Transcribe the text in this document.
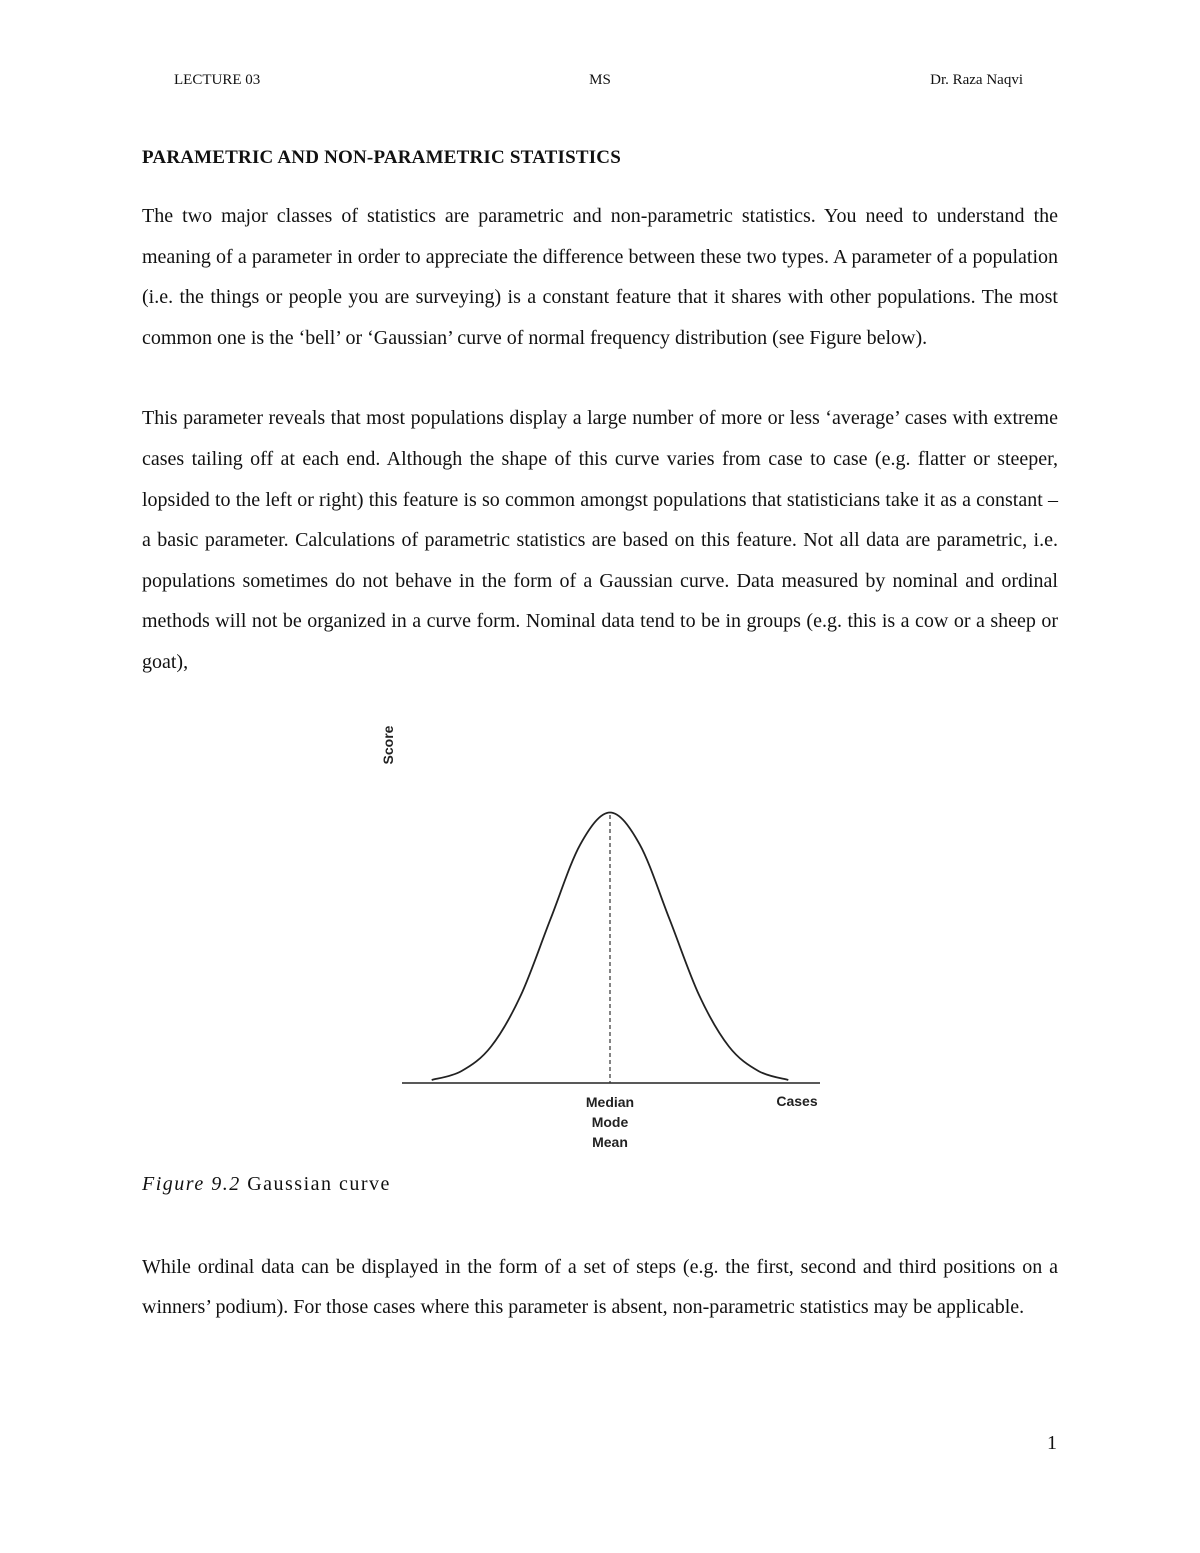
LECTURE 03	MS	Dr. Raza Naqvi
PARAMETRIC AND NON-PARAMETRIC STATISTICS

The two major classes of statistics are parametric and non-parametric statistics. You need to understand the meaning of a parameter in order to appreciate the difference between these two types. A parameter of a population (i.e. the things or people you are surveying) is a constant feature that it shares with other populations. The most common one is the ‘bell’ or ‘Gaussian’ curve of normal frequency distribution (see Figure below).

This parameter reveals that most populations display a large number of more or less ‘average’ cases with extreme cases tailing off at each end. Although the shape of this curve varies from case to case (e.g. flatter or steeper, lopsided to the left or right) this feature is so common amongst populations that statisticians take it as a constant – a basic parameter. Calculations of parametric statistics are based on this feature. Not all data are parametric, i.e. populations sometimes do not behave in the form of a Gaussian curve. Data measured by nominal and ordinal methods will not be organized in a curve form. Nominal data tend to be in groups (e.g. this is a cow or a sheep or goat),

Score
Median
Mode
Mean
Cases

Figure 9.2 Gaussian curve

While ordinal data can be displayed in the form of a set of steps (e.g. the first, second and third positions on a winners’ podium). For those cases where this parameter is absent, non-parametric statistics may be applicable.

1
